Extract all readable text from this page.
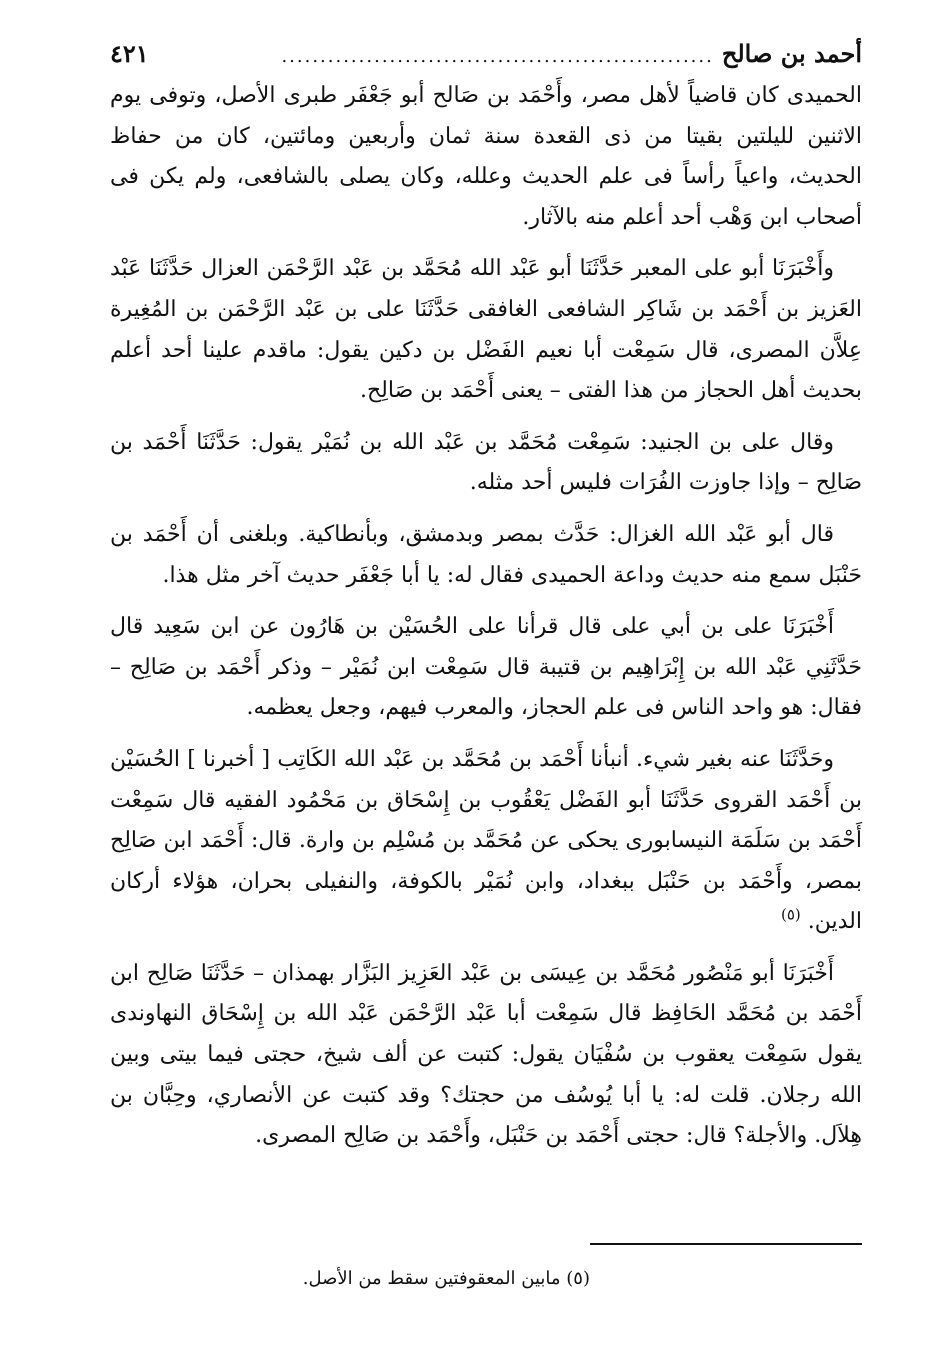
أحمد بن صالح
........................................................
٤٢١

الحميدى كان قاضياً لأهل مصر، وأَحْمَد بن صَالح أبو جَعْفَر طبرى الأصل، وتوفى يوم الاثنين لليلتين بقيتا من ذى القعدة سنة ثمان وأربعين ومائتين، كان من حفاظ الحديث، واعياً رأساً فى علم الحديث وعلله، وكان يصلى بالشافعى، ولم يكن فى أصحاب ابن وَهْب أحد أعلم منه بالآثار.

وأَخْبَرَنَا أبو على المعبر حَدَّثَنَا أبو عَبْد الله مُحَمَّد بن عَبْد الرَّحْمَن العزال حَدَّثَنَا عَبْد العَزيز بن أَحْمَد بن شَاكِر الشافعى الغافقى حَدَّثَنَا على بن عَبْد الرَّحْمَن بن المُغِيرة عِلاَّن المصرى، قال سَمِعْت أبا نعيم الفَضْل بن دكين يقول: ماقدم علينا أحد أعلم بحديث أهل الحجاز من هذا الفتى – يعنى أَحْمَد بن صَالِح.

وقال على بن الجنيد: سَمِعْت مُحَمَّد بن عَبْد الله بن نُمَيْر يقول: حَدَّثَنَا أَحْمَد بن صَالِح – وإذا جاوزت الفُرَات فليس أحد مثله.

قال أبو عَبْد الله الغزال: حَدَّث بمصر وبدمشق، وبأنطاكية. وبلغنى أن أَحْمَد بن حَنْبَل سمع منه حديث وداعة الحميدى فقال له: يا أبا جَعْفَر حديث آخر مثل هذا.

أَخْبَرَنَا على بن أبي على قال قرأنا على الحُسَيْن بن هَارُون عن ابن سَعِيد قال حَدَّثَنِي عَبْد الله بن إِبْرَاهِيم بن قتيبة قال سَمِعْت ابن نُمَيْر – وذكر أَحْمَد بن صَالِح – فقال: هو واحد الناس فى علم الحجاز، والمعرب فيهم، وجعل يعظمه.

وحَدَّثَنَا عنه بغير شيء. أنبأنا أَحْمَد بن مُحَمَّد بن عَبْد الله الكَاتِب [ أخبرنا ] الحُسَيْن بن أَحْمَد القروى حَدَّثَنَا أبو الفَضْل يَعْقُوب بن إِسْحَاق بن مَحْمُود الفقيه قال سَمِعْت أَحْمَد بن سَلَمَة النيسابورى يحكى عن مُحَمَّد بن مُسْلِم بن وارة. قال: أَحْمَد ابن صَالِح بمصر، وأَحْمَد بن حَنْبَل ببغداد، وابن نُمَيْر بالكوفة، والنفيلى بحران، هؤلاء أركان الدين. $^{(٥)}$

أَخْبَرَنَا أبو مَنْصُور مُحَمَّد بن عِيسَى بن عَبْد العَزِيز البَزَّار بهمذان – حَدَّثَنَا صَالِح ابن أَحْمَد بن مُحَمَّد الحَافِظ قال سَمِعْت أبا عَبْد الرَّحْمَن عَبْد الله بن إِسْحَاق النهاوندى يقول سَمِعْت يعقوب بن سُفْيَان يقول: كتبت عن ألف شيخ، حجتى فيما بيتى وبين الله رجلان. قلت له: يا أبا يُوسُف من حجتك؟ وقد كتبت عن الأنصاري، وحِبَّان بن هِلاَل. والأجلة؟ قال: حجتى أَحْمَد بن حَنْبَل، وأَحْمَد بن صَالِح المصرى.

(٥) مابين المعقوفتين سقط من الأصل.
